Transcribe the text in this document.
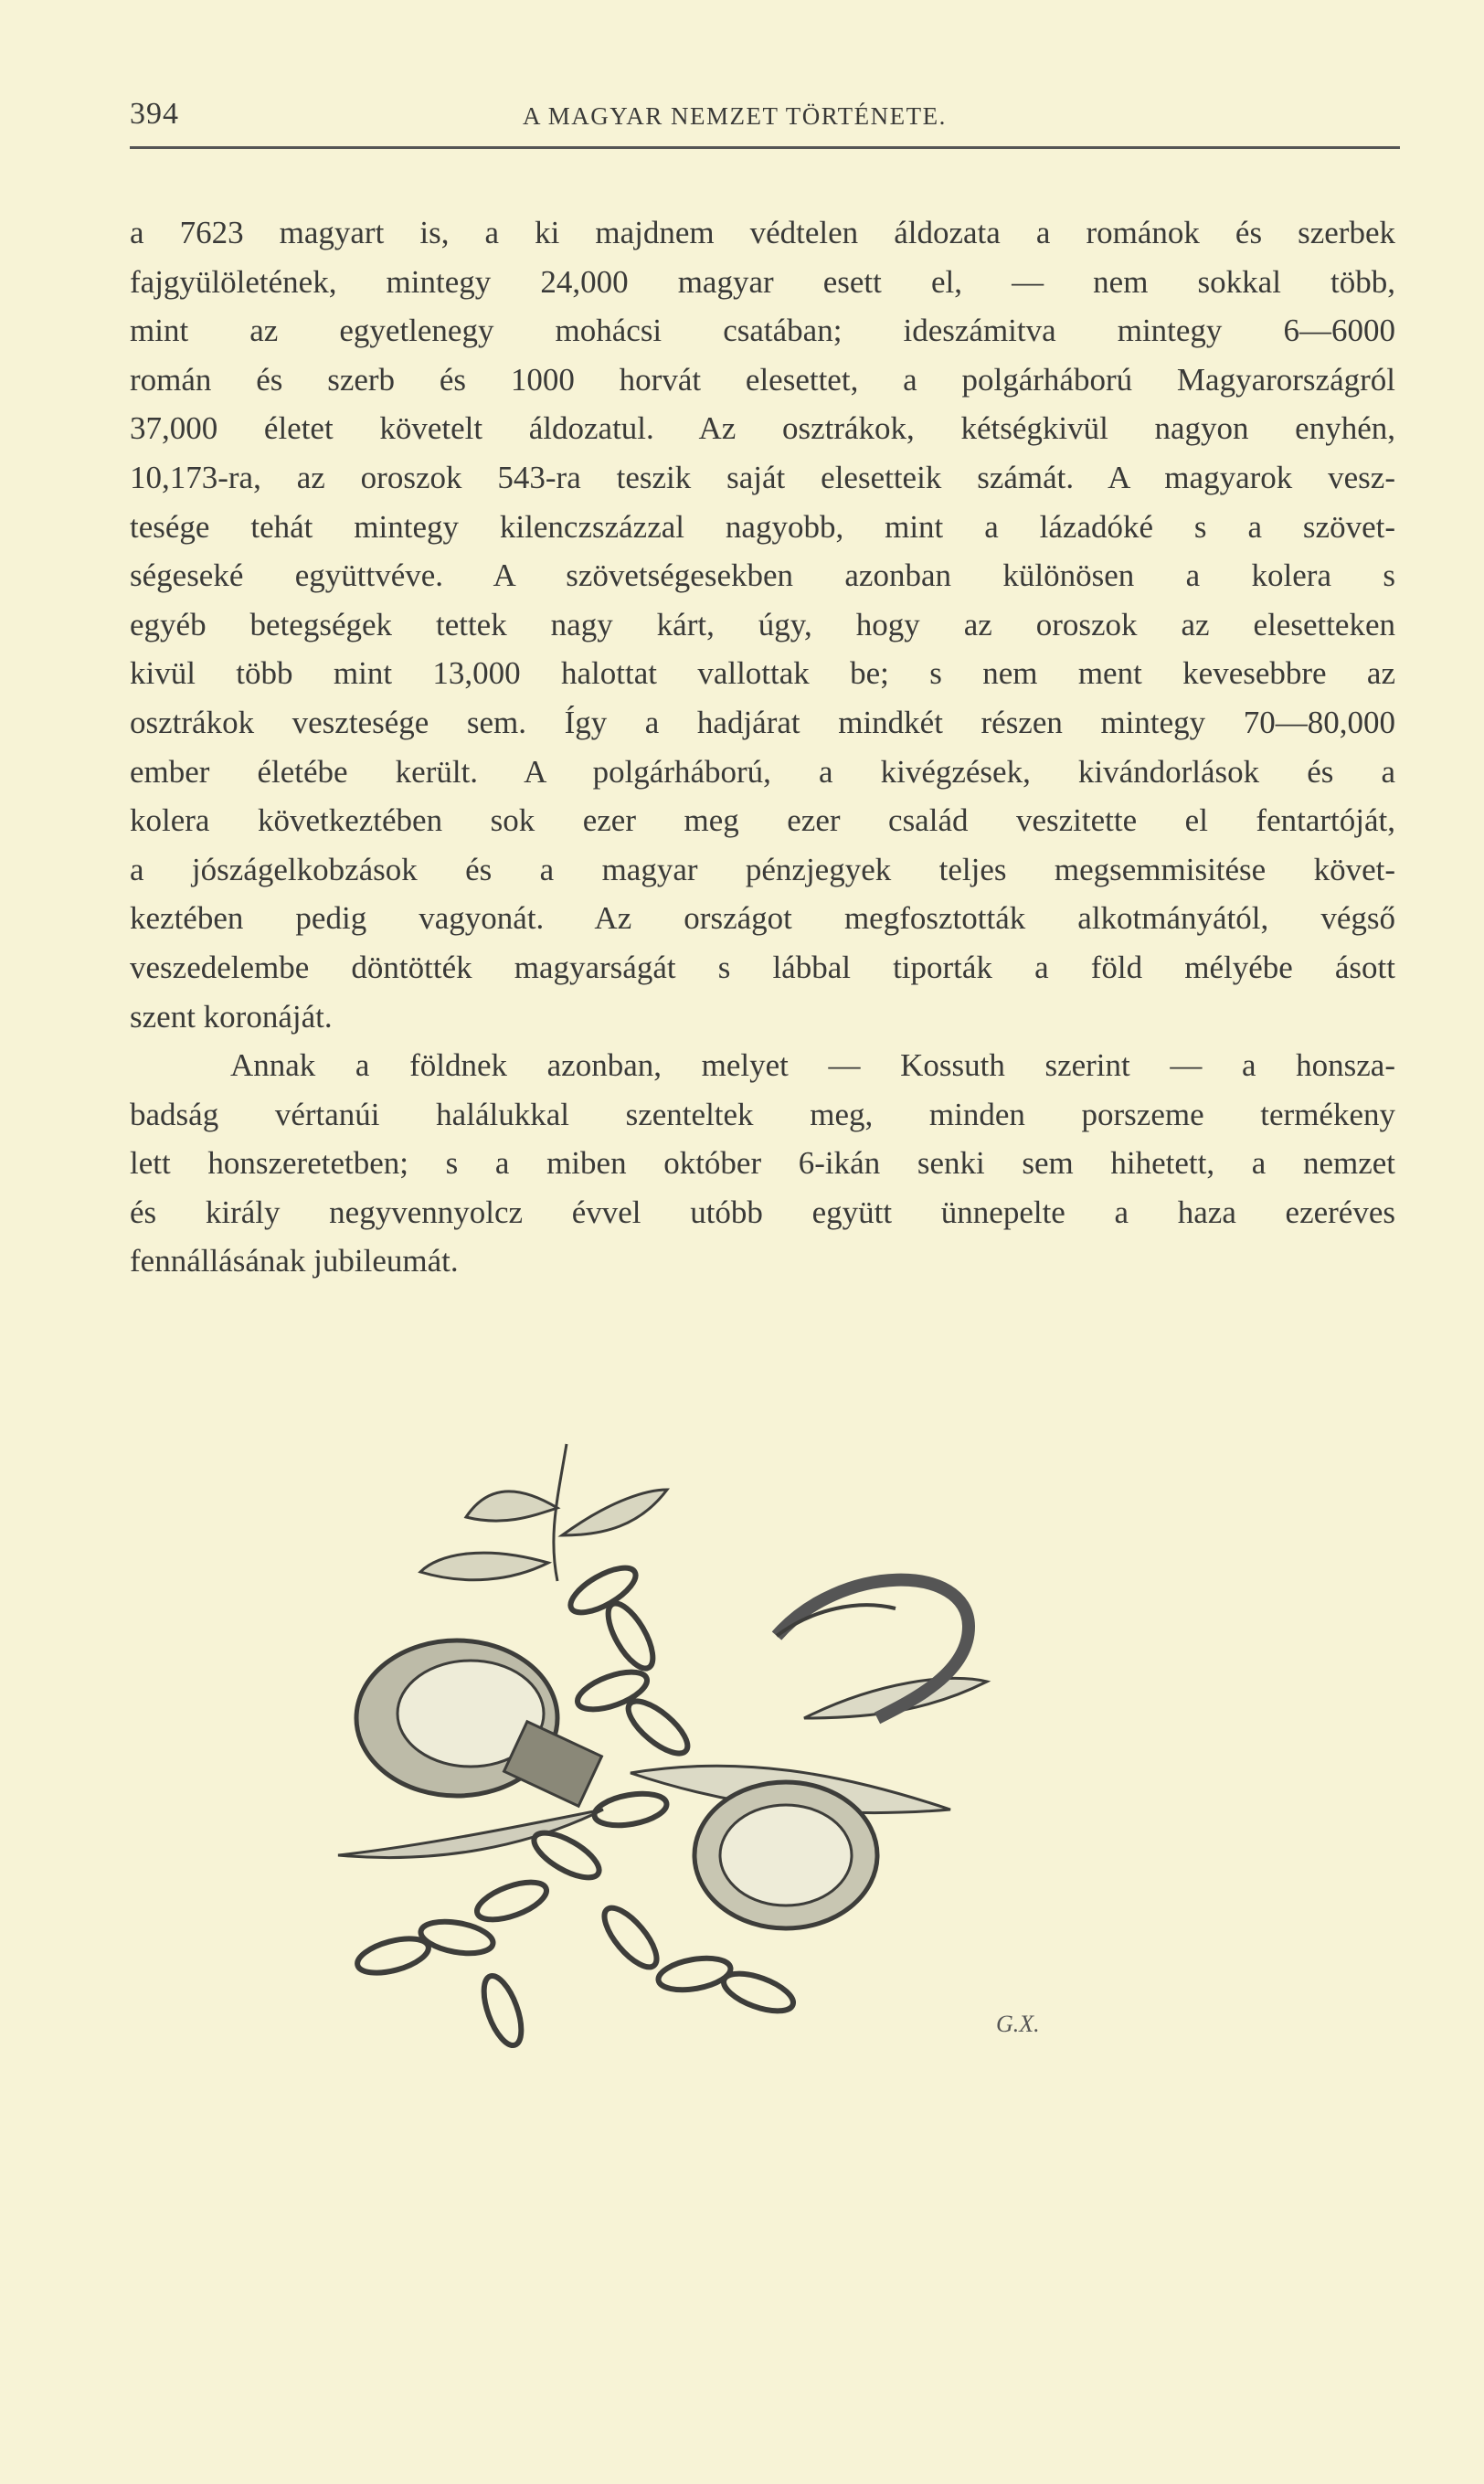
394	A MAGYAR NEMZET TÖRTÉNETE.
a 7623 magyart is, a ki majdnem védtelen áldozata a románok és szerbek
fajgyülöletének, mintegy 24,000 magyar esett el, — nem sokkal több,
mint az egyetlenegy mohácsi csatában; ideszámitva mintegy 6—6000
román és szerb és 1000 horvát elesettet, a polgárháború Magyarországról
37,000 életet követelt áldozatul. Az osztrákok, kétségkivül nagyon enyhén,
10,173-ra, az oroszok 543-ra teszik saját elesetteik számát. A magyarok vesz-
tesége tehát mintegy kilenczszázzal nagyobb, mint a lázadóké s a szövet-
ségeseké együttvéve. A szövetségesekben azonban különösen a kolera s
egyéb betegségek tettek nagy kárt, úgy, hogy az oroszok az elesetteken
kivül több mint 13,000 halottat vallottak be; s nem ment kevesebbre az
osztrákok vesztesége sem. Így a hadjárat mindkét részen mintegy 70—80,000
ember életébe került. A polgárháború, a kivégzések, kivándorlások és a
kolera következtében sok ezer meg ezer család veszitette el fentartóját,
a jószágelkobzások és a magyar pénzjegyek teljes megsemmisitése követ-
keztében pedig vagyonát. Az országot megfosztották alkotmányától, végső
veszedelembe döntötték magyarságát s lábbal tiporták a föld mélyébe ásott
szent koronáját.
Annak a földnek azonban, melyet — Kossuth szerint — a honsza-
badság vértanúi halálukkal szenteltek meg, minden porszeme termékeny
lett honszeretetben; s a miben október 6-ikán senki sem hihetett, a nemzet
és király negyvennyolcz évvel utóbb együtt ünnepelte a haza ezeréves
fennállásának jubileumát.
G.X.
